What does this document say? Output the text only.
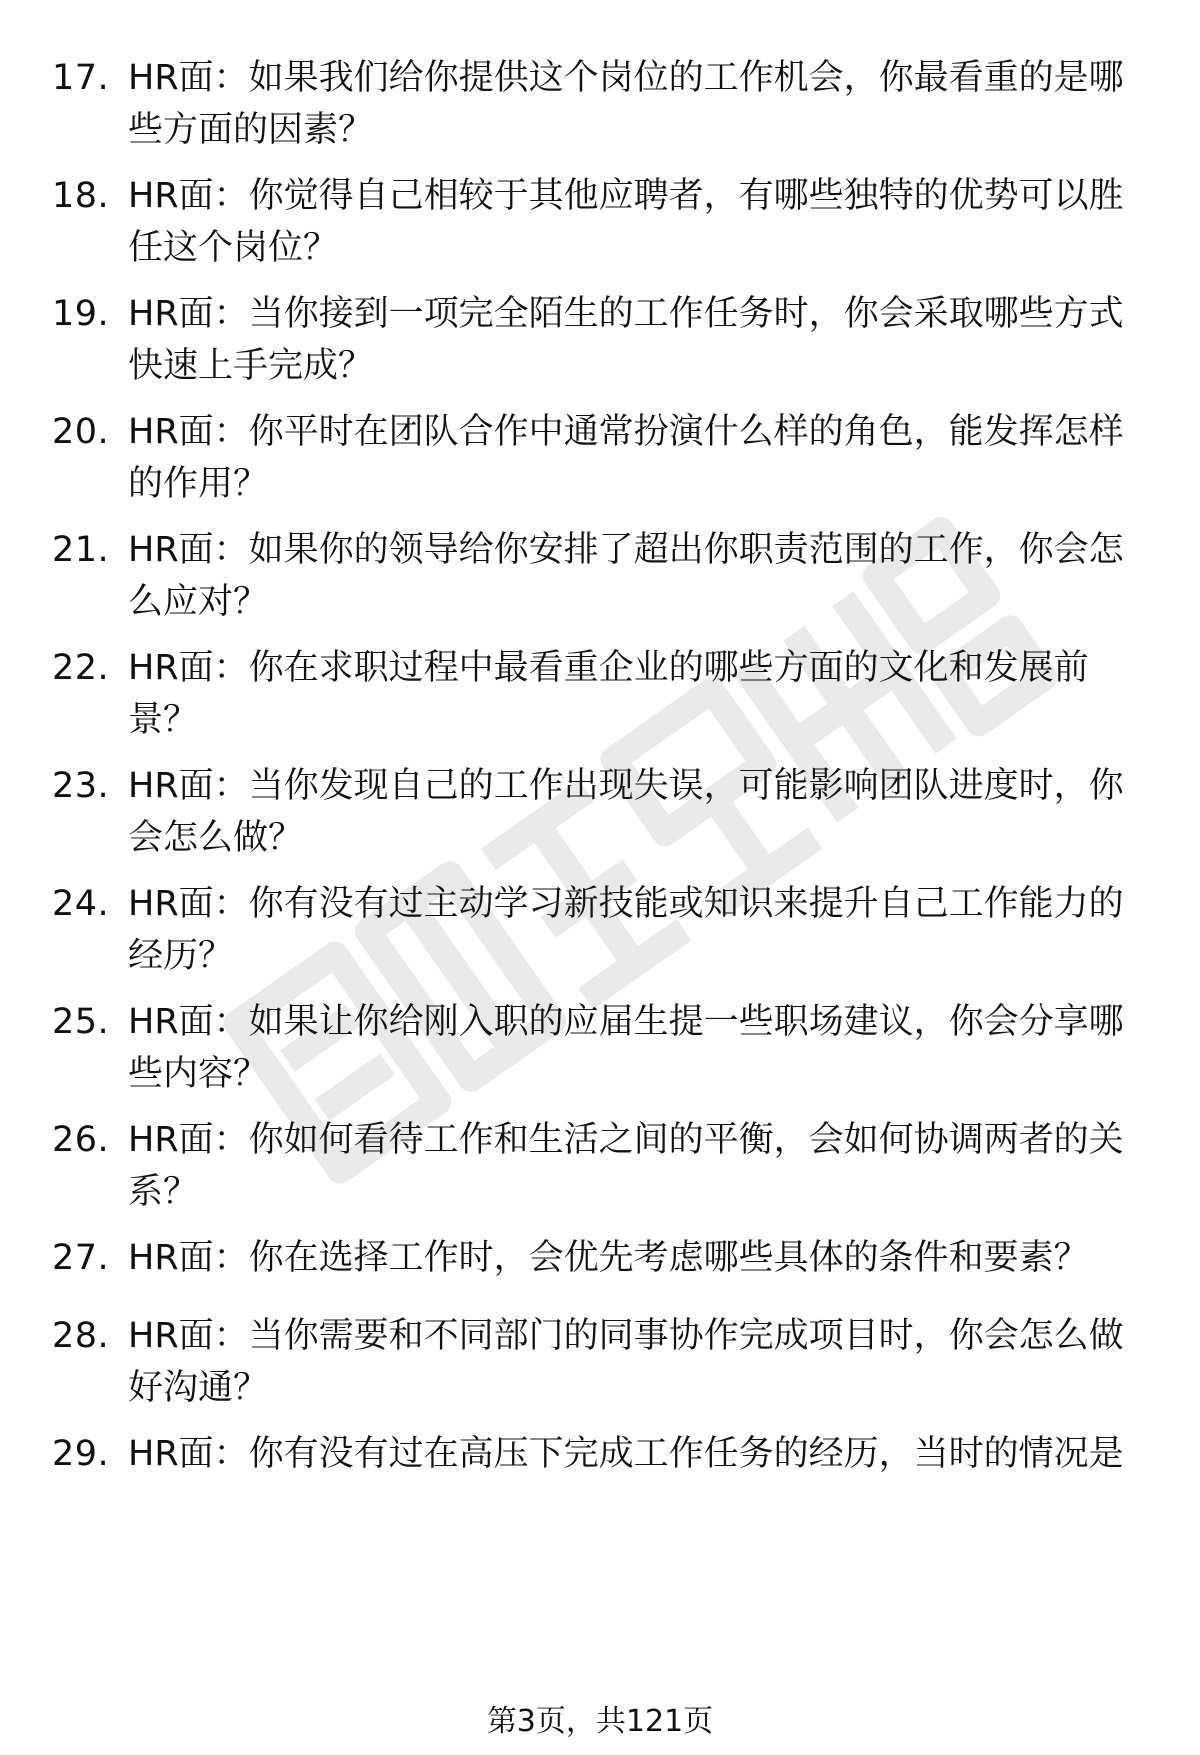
17. HR面：如果我们给你提供这个岗位的工作机会，你最看重的是哪些方面的因素？
18. HR面：你觉得自己相较于其他应聘者，有哪些独特的优势可以胜任这个岗位？
19. HR面：当你接到一项完全陌生的工作任务时，你会采取哪些方式快速上手完成？
20. HR面：你平时在团队合作中通常扮演什么样的角色，能发挥怎样的作用？
21. HR面：如果你的领导给你安排了超出你职责范围的工作，你会怎么应对？
22. HR面：你在求职过程中最看重企业的哪些方面的文化和发展前景？
23. HR面：当你发现自己的工作出现失误，可能影响团队进度时，你会怎么做？
24. HR面：你有没有过主动学习新技能或知识来提升自己工作能力的经历？
25. HR面：如果让你给刚入职的应届生提一些职场建议，你会分享哪些内容？
26. HR面：你如何看待工作和生活之间的平衡，会如何协调两者的关系？
27. HR面：你在选择工作时，会优先考虑哪些具体的条件和要素？
28. HR面：当你需要和不同部门的同事协作完成项目时，你会怎么做好沟通？
29. HR面：你有没有过在高压下完成工作任务的经历，当时的情况是
第3页，共121页
